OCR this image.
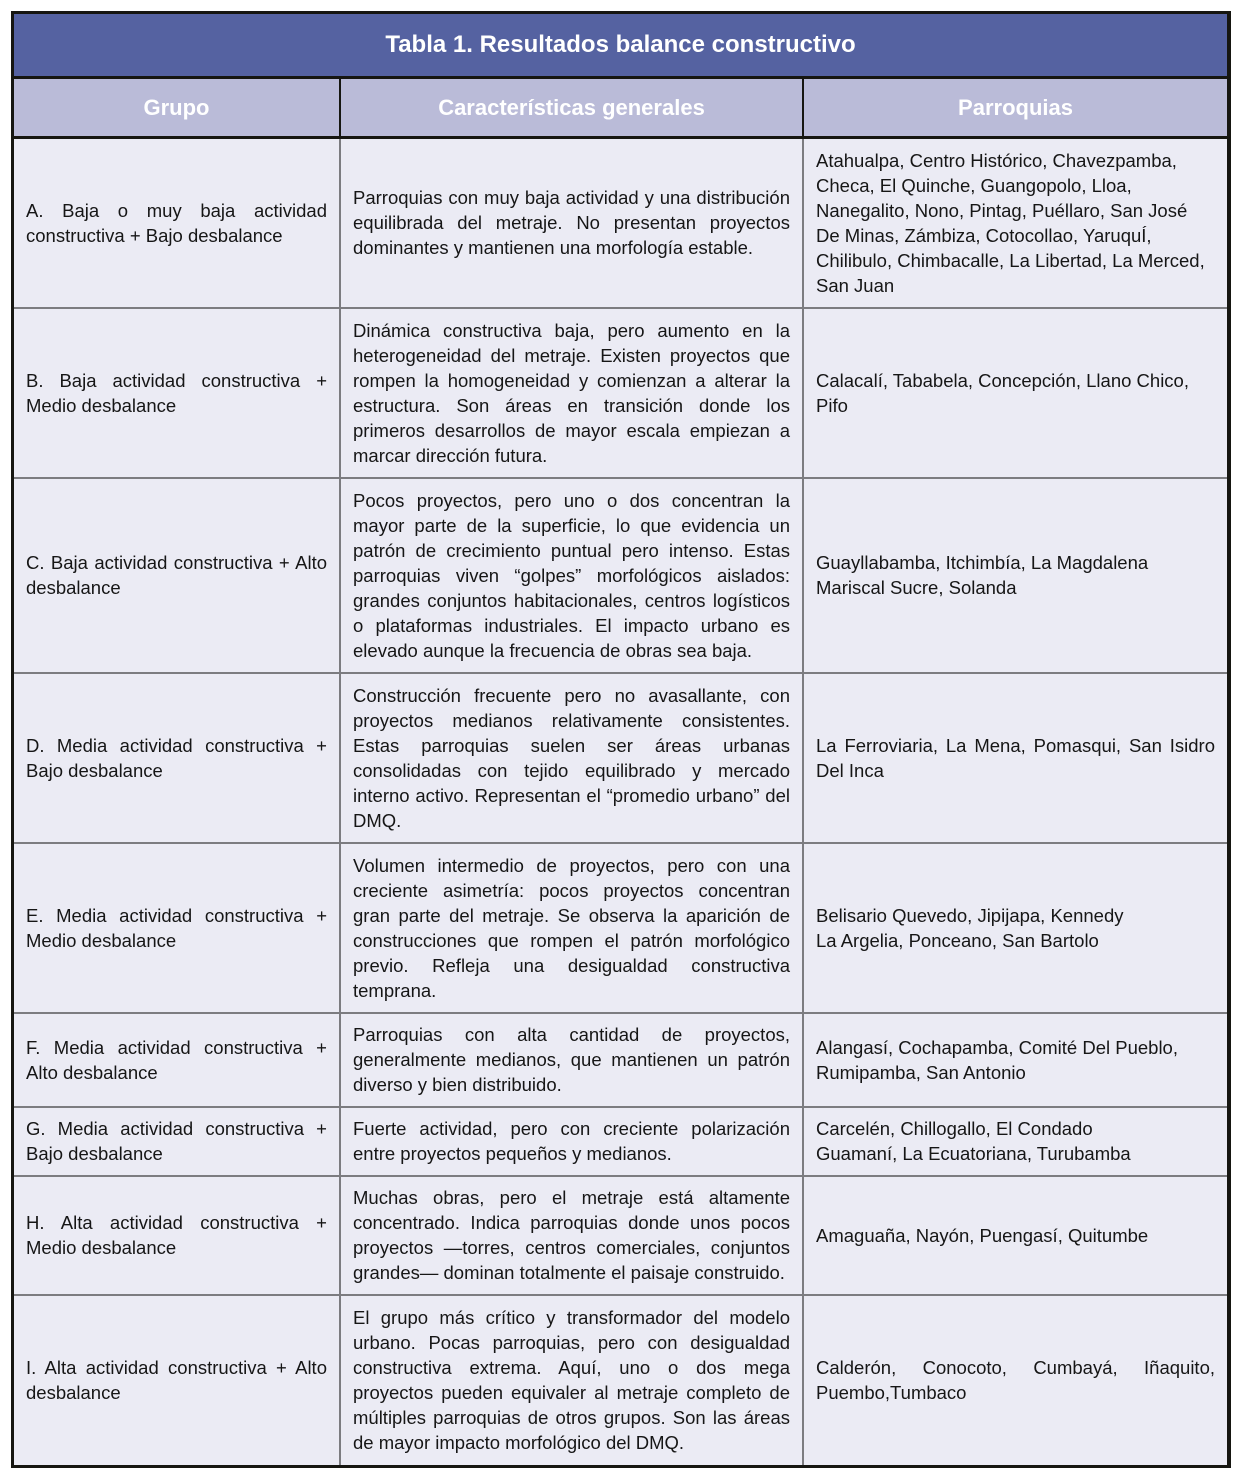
Tabla 1. Resultados balance constructivo
Grupo	Características generales	Parroquias
A. Baja o muy baja actividad constructiva + Bajo desbalance	Parroquias con muy baja actividad y una distribución equilibrada del metraje. No presentan proyectos dominantes y mantienen una morfología estable.	Atahualpa, Centro Histórico, Chavezpamba, Checa, El Quinche, Guangopolo, Lloa, Nanegalito, Nono, Pintag, Puéllaro, San José De Minas, Zámbiza, Cotocollao, YaruquÍ, Chilibulo, Chimbacalle, La Libertad, La Merced, San Juan
B. Baja actividad constructiva + Medio desbalance	Dinámica constructiva baja, pero aumento en la heterogeneidad del metraje. Existen proyectos que rompen la homogeneidad y comienzan a alterar la estructura. Son áreas en transición donde los primeros desarrollos de mayor escala empiezan a marcar dirección futura.	Calacalí, Tababela, Concepción, Llano Chico, Pifo
C. Baja actividad constructiva + Alto desbalance	Pocos proyectos, pero uno o dos concentran la mayor parte de la superficie, lo que evidencia un patrón de crecimiento puntual pero intenso. Estas parroquias viven “golpes” morfológicos aislados: grandes conjuntos habitacionales, centros logísticos o plataformas industriales. El impacto urbano es elevado aunque la frecuencia de obras sea baja.	Guayllabamba, Itchimbía, La Magdalena
Mariscal Sucre, Solanda

D. Media actividad constructiva + Bajo desbalance	Construcción frecuente pero no avasallante, con proyectos medianos relativamente consistentes. Estas parroquias suelen ser áreas urbanas consolidadas con tejido equilibrado y mercado interno activo. Representan el “promedio urbano” del DMQ.	La Ferroviaria, La Mena, Pomasqui, San Isidro Del Inca
E. Media actividad constructiva + Medio desbalance	Volumen intermedio de proyectos, pero con una creciente asimetría: pocos proyectos concentran gran parte del metraje. Se observa la aparición de construcciones que rompen el patrón morfológico previo. Refleja una desigualdad constructiva temprana.	Belisario Quevedo, Jipijapa, Kennedy
La Argelia, Ponceano, San Bartolo

F. Media actividad constructiva + Alto desbalance	Parroquias con alta cantidad de proyectos, generalmente medianos, que mantienen un patrón diverso y bien distribuido.	Alangasí, Cochapamba, Comité Del Pueblo, Rumipamba, San Antonio
G. Media actividad constructiva + Bajo desbalance	Fuerte actividad, pero con creciente polarización entre proyectos pequeños y medianos.	Carcelén, Chillogallo, El Condado
Guamaní, La Ecuatoriana, Turubamba

H. Alta actividad constructiva + Medio desbalance	Muchas obras, pero el metraje está altamente concentrado. Indica parroquias donde unos pocos proyectos —torres, centros comerciales, conjuntos grandes— dominan totalmente el paisaje construido.	Amaguaña, Nayón, Puengasí, Quitumbe
I. Alta actividad constructiva + Alto desbalance	El grupo más crítico y transformador del modelo urbano. Pocas parroquias, pero con desigualdad constructiva extrema. Aquí, uno o dos mega proyectos pueden equivaler al metraje completo de múltiples parroquias de otros grupos. Son las áreas de mayor impacto morfológico del DMQ.	Calderón, Conocoto, Cumbayá, Iñaquito, Puembo,Tumbaco
